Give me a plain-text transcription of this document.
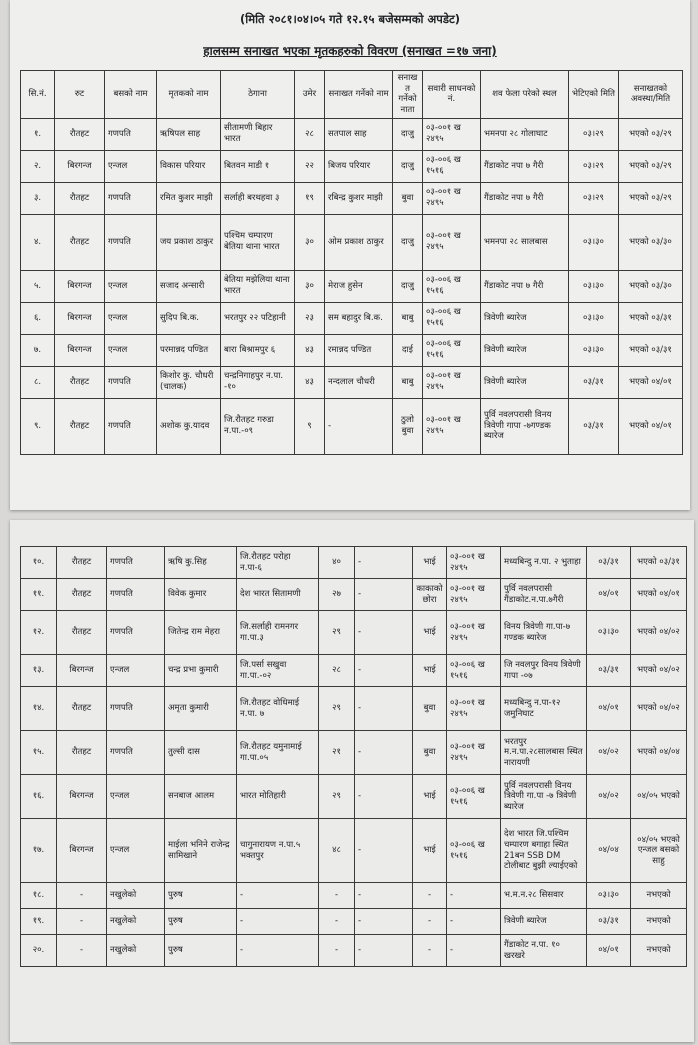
(मिति २०८१।०४।०५ गते १२.१५ बजेसम्मको अपडेट)
हालसम्म सनाखत भएका मृतकहरुको विवरण (सनाखत =१७ जना)
सि.नं.	रुट	बसको नाम	मृतकको नाम	ठेगाना	उमेर	सनाखत गर्नेको नाम	सनाखत गर्नेको नाता	सवारी साधनको नं.	शव फेला परेको स्थल	भेटिएको मिति	सनाखतको अवस्था/मिति
१.	रौतहट	गणपति	ऋषिपल साह	सीतामणी बिहार भारत	२८	सतपाल साह	दाजु	०३-००१ ख २४९५	भमनपा २८ गोलाघाट	०३।२९	भएको ०३/२९
२.	बिरगन्ज	एन्जल	विकास परियार	बितवन माडी १	२२	बिजय परियार	दाजु	०३-००६ ख १५१६	गैंडाकोट नपा ७ गैरी	०३।२९	भएको ०३/२९
३.	रौतहट	गणपति	रमित कुशर माझी	सर्लाही बरथहवा ३	१९	रबिन्द्र कुशर माझी	बुवा	०३-००१ ख २४९५	गैंडाकोट नपा ७ गैरी	०३।२९	भएको ०३/२९
४.	रौतहट	गणपति	जय प्रकाश ठाकुर	पश्चिम चम्पारण बेतिया थाना भारत	३०	ओम प्रकाश ठाकुर	दाजु	०३-००१ ख २४९५	भमनपा २८ सालबास	०३।३०	भएको ०३/३०
५.	बिरगन्ज	एन्जल	सजाद अन्सारी	बेतिया मझेलिया थाना भारत	३०	मेराज हुसेन	दाजु	०३-००६ ख १५१६	गैंडाकोट नपा ७ गैरी	०३।३०	भएको ०३/३०
६.	बिरगन्ज	एन्जल	सुदिप बि.क.	भरतपुर २२ पटिहानी	२३	सम बहादुर बि.क.	बाबु	०३-००६ ख १५१६	त्रिवेणी ब्यारेज	०३।३०	भएको ०३/३१
७.	बिरगन्ज	एन्जल	परमान्नद पण्डित	बारा बिश्रामपुर ६	४३	रमान्नद पण्डित	दाई	०३-००६ ख १५१६	त्रिवेणी ब्यारेज	०३।३०	भएको ०३/३१
८.	रौतहट	गणपति	किशोर कु. चौधरी (चालक)	चन्द्रनिगाहपुर न.पा. -१०	४३	नन्दलाल चौधरी	बाबु	०३-००१ ख २४९५	त्रिवेणी ब्यारेज	०३/३१	भएको ०४/०१
९.	रौतहट	गणपति	अशोक कु.यादव	जि.रौतहट गरुडा न.पा.-०९	९	-	ठुलो बुवा	०३-००१ ख २४९५	पुर्वि नवलपरासी विनय त्रिवेणी गापा -७गण्डक ब्यारेज	०३/३१	भएको ०४/०१
१०.	रौतहट	गणपति	ऋषि कु.सिह	जि.रौतहट परोहा न.पा-६	४०	-	भाई	०३-००१ ख २४९५	मध्यबिन्दु न.पा. २ भुताहा	०३/३१	भएको ०३/३१
११.	रौतहट	गणपति	विवेक कुमार	देश भारत सितामणी	२७	-	काकाको छोरा	०३-००१ ख २४९५	पुर्वि नवलपरासी गैंडाकोट.न.पा.७गैरी	०४/०१	भएको ०४/०१
१२.	रौतहट	गणपति	जितेन्द्र राम मेहरा	जि.सर्लाही रामनगर गा.पा.३	२९	-	भाई	०३-००१ ख २४९५	विनय त्रिवेणी गा.पा-७ गण्डक ब्यारेज	०३।३०	भएको ०४/०२
१३.	बिरगन्ज	एन्जल	चन्द्र प्रभा कुमारी	जि.पर्सा सखुवा गा.पा.-०२	२८	-	भाई	०३-००६ ख १५१६	जि नवलपुर विनय त्रिवेणी गापा -०७	०३/३१	भएको ०४/०२
१४.	रौतहट	गणपति	अमृता कुमारी	जि.रौतहट वोधिमाई न.पा. ७	२९	-	बुवा	०३-००१ ख २४९५	मध्यबिन्दु न.पा-१२ जमुनिघाट	०४/०१	भएको ०४/०२
१५.	रौतहट	गणपति	तुल्सी दास	जि.रौतहट यमुनामाई गा.पा.०५	२१	-	बुवा	०३-००१ ख २४९५	भरतपुर म.न.पा.२८सालबास स्थित नारायणी	०४/०२	भएको ०४/०४
१६.	बिरगन्ज	एन्जल	सनबाज आलम	भारत मोतिहारी	२९	-	भाई	०३-००६ ख १५१६	पुर्वि नवलपरासी विनय त्रिवेणी गा.पा -७ त्रिवेणी ब्यारेज	०४/०२	०४/०५ भएको
१७.	बिरगन्ज	एन्जल	माईला भनिने राजेन्द्र सामिखाने	चागुनारायण न.पा.५ भक्तपुर	४८	-	भाई	०३-००६ ख १५१६	देश भारत जि.पश्चिम चम्पारण बगाहा स्थित 21बन SSB DM टोलीबाट बुझी ल्याईएको	०४/०४	०४/०५ भएको एन्जल बसको साहु
१८.	-	नखुलेको	पुरुष	-	-	-	-	-	भ.म.न.२८ सिसवार	०३।३०	नभएको
१९.	-	नखुलेको	पुरुष	-	-	-	-	-	त्रिवेणी ब्यारेज	०३/३१	नभएको
२०.	-	नखुलेको	पुरुष	-	-	-	-	-	गैंडाकोट न.पा. १० खरखरे	०४/०१	नभएको
